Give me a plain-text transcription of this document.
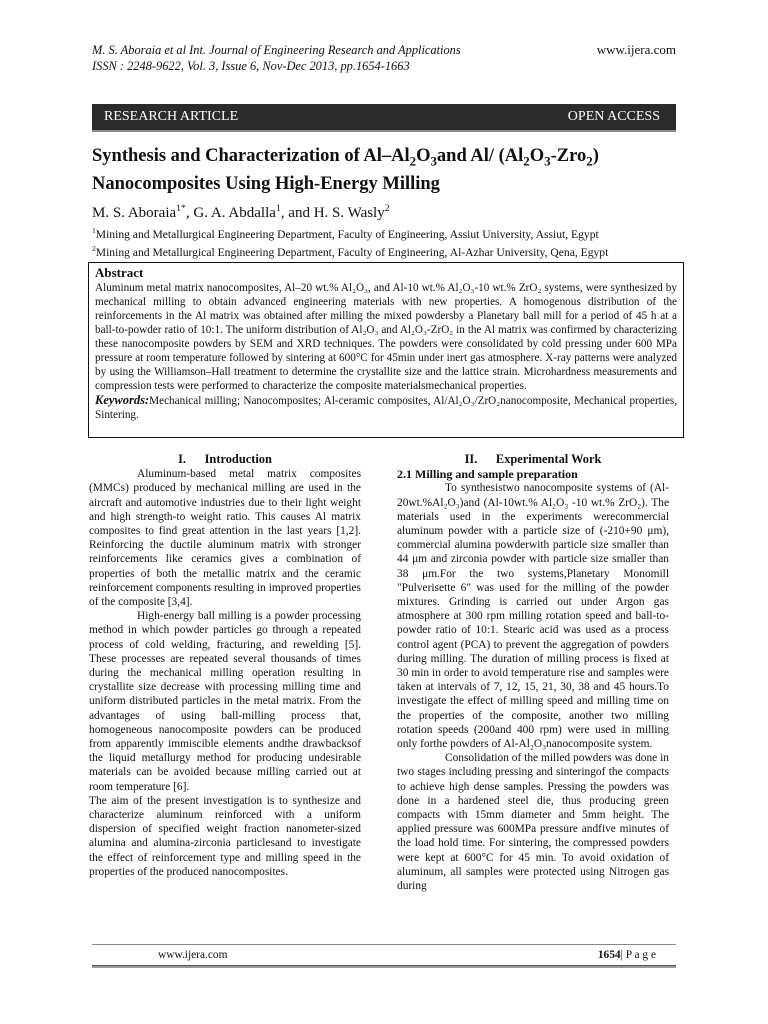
M. S. Aboraia et al Int. Journal of Engineering Research and Applications
ISSN : 2248-9622, Vol. 3, Issue 6, Nov-Dec 2013, pp.1654-1663
www.ijera.com
RESEARCH ARTICLE	OPEN ACCESS
Synthesis and Characterization of $Al-Al_2O_3and$ Al/ $(Al_2O_3-Zro_2)$
Nanocomposites Using High-Energy Milling
M. S. Aboraia$^{1*}$, G. A. Abdalla$^1$, and H. S. Wasly$^2$
$^1$Mining and Metallurgical Engineering Department, Faculty of Engineering, Assiut University, Assiut, Egypt
$^2$Mining and Metallurgical Engineering Department, Faculty of Engineering, Al-Azhar University, Qena, Egypt
Abstract
Aluminum metal matrix nanocomposites, Al–20 wt.% Al₂O₃, and Al-10 wt.% Al₂O₃-10 wt.% ZrO₂ systems, were synthesized by mechanical milling to obtain advanced engineering materials with new properties. A homogenous distribution of the reinforcements in the Al matrix was obtained after milling the mixed powdersby a Planetary ball mill for a period of 45 h at a ball-to-powder ratio of 10:1. The uniform distribution of Al₂O₃ and Al₂O₃-ZrO₂ in the Al matrix was confirmed by characterizing these nanocomposite powders by SEM and XRD techniques. The powders were consolidated by cold pressing under 600 MPa pressure at room temperature followed by sintering at 600°C for 45min under inert gas atmosphere. X-ray patterns were analyzed by using the Williamson–Hall treatment to determine the crystallite size and the lattice strain. Microhardness measurements and compression tests were performed to characterize the composite materialsmechanical properties.
Keywords:Mechanical milling; Nanocomposites; Al-ceramic composites, Al/Al₂O₃/ZrO₂nanocomposite, Mechanical properties, Sintering.
I.      Introduction

Aluminum-based metal matrix composites (MMCs) produced by mechanical milling are used in the aircraft and automotive industries due to their light weight and high strength-to weight ratio. This causes Al matrix composites to find great attention in the last years [1,2]. Reinforcing the ductile aluminum matrix with stronger reinforcements like ceramics gives a combination of properties of both the metallic matrix and the ceramic reinforcement components resulting in improved properties of the composite [3,4].

High-energy ball milling is a powder processing method in which powder particles go through a repeated process of cold welding, fracturing, and rewelding [5]. These processes are repeated several thousands of times during the mechanical milling operation resulting in crystallite size decrease with processing milling time and uniform distributed particles in the metal matrix. From the advantages of using ball-milling process that, homogeneous nanocomposite powders can be produced from apparently immiscible elements andthe drawbacksof the liquid metallurgy method for producing undesirable materials can be avoided because milling carried out at room temperature [6].

The aim of the present investigation is to synthesize and characterize aluminum reinforced with a uniform dispersion of specified weight fraction nanometer-sized alumina and alumina-zirconia particlesand to investigate the effect of reinforcement type and milling speed in the properties of the produced nanocomposites.

II.      Experimental Work
2.1 Milling and sample preparation

To synthesistwo nanocomposite systems of (Al-20wt.%Al₂O₃)and (Al-10wt.% Al₂O₃ -10 wt.% ZrO₂). The materials used in the experiments werecommercial aluminum powder with a particle size of (-210+90 μm), commercial alumina powderwith particle size smaller than 44 μm and zirconia powder with particle size smaller than 38 μm.For the two systems,Planetary Monomill "Pulverisette 6" was used for the milling of the powder mixtures. Grinding is carried out under Argon gas atmosphere at 300 rpm milling rotation speed and ball-to-powder ratio of 10:1. Stearic acid was used as a process control agent (PCA) to prevent the aggregation of powders during milling. The duration of milling process is fixed at 30 min in order to avoid temperature rise and samples were taken at intervals of 7, 12, 15, 21, 30, 38 and 45 hours.To investigate the effect of milling speed and milling time on the properties of the composite, another two milling rotation speeds (200and 400 rpm) were used in milling only forthe powders of Al-Al₂O₃nanocomposite system.

Consolidation of the milled powders was done in two stages including pressing and sinteringof the compacts to achieve high dense samples. Pressing the powders was done in a hardened steel die, thus producing green compacts with 15mm diameter and 5mm height. The applied pressure was 600MPa pressure andfive minutes of the load hold time. For sintering, the compressed powders were kept at 600°C for 45 min. To avoid oxidation of aluminum, all samples were protected using Nitrogen gas during

www.ijera.com	1654| P a g e
